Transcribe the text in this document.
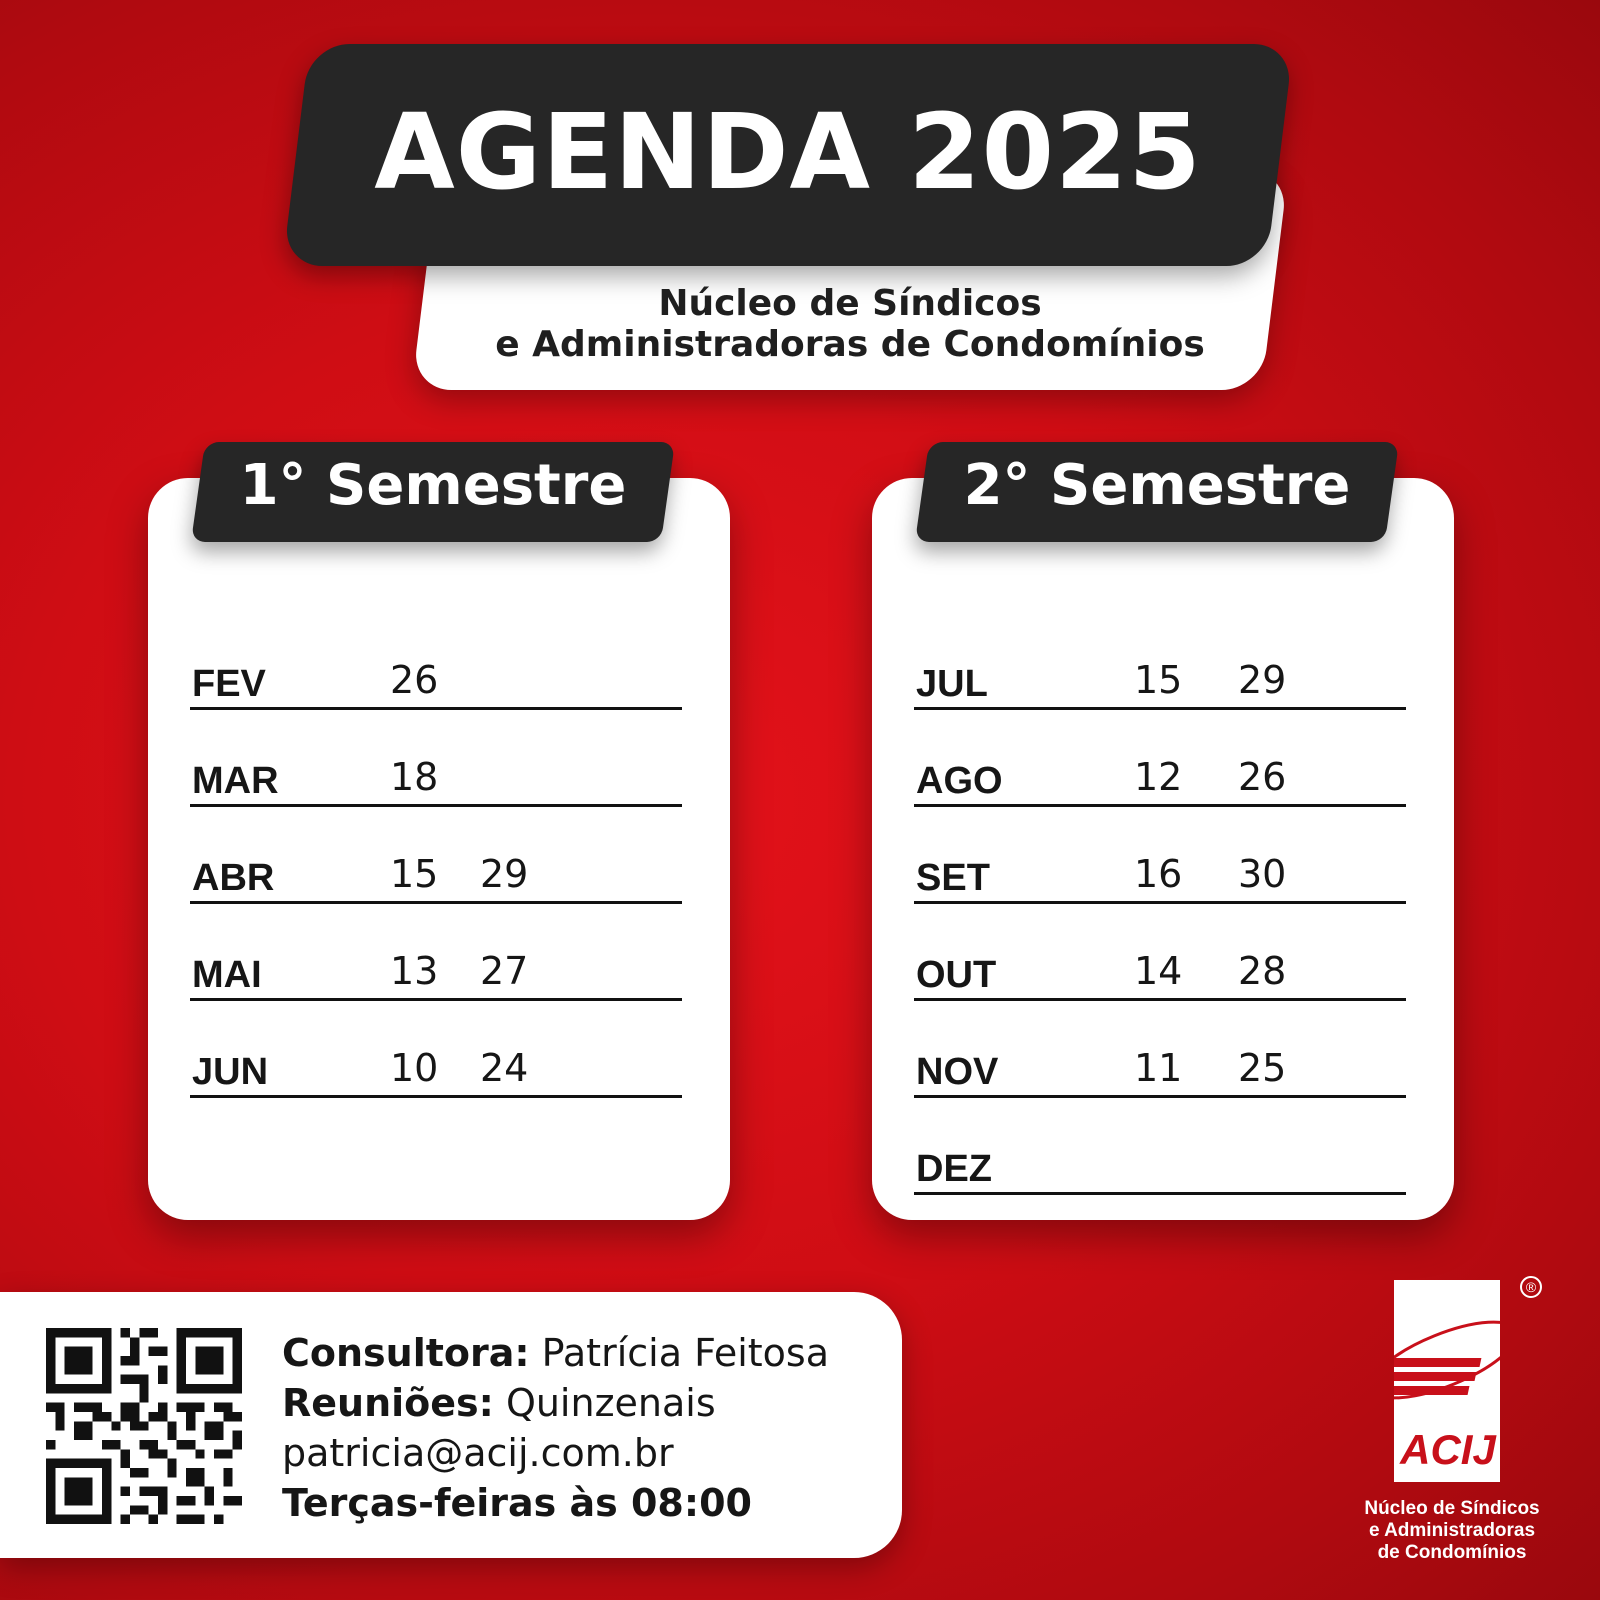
AGENDA 2025
Núcleo de Síndicos
e Administradoras de Condomínios
1° Semestre
FEV	26
MAR	18
ABR	15 29
MAI	13 27
JUN	10 24
2° Semestre
JUL	15 29
AGO	12 26
SET	16 30
OUT	14 28
NOV	11 25
DEZ
Consultora: Patrícia Feitosa
Reuniões: Quinzenais
patricia@acij.com.br
Terças-feiras às 08:00
®
ACIJ
Núcleo de Síndicos
e Administradoras
de Condomínios
